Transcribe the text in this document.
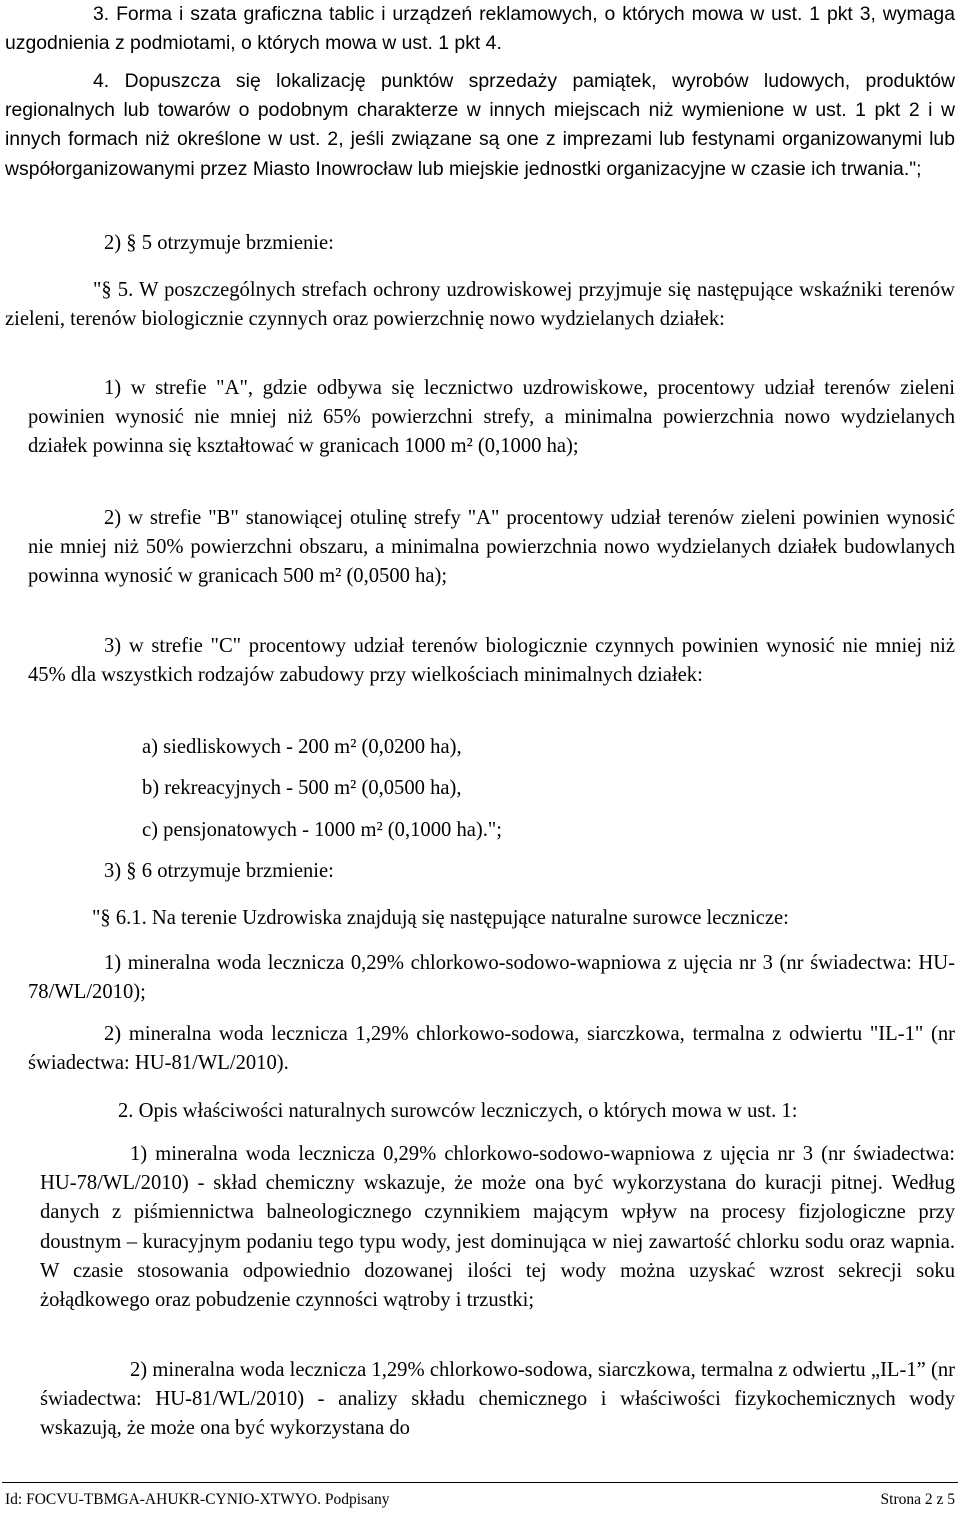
3. Forma i szata graficzna tablic i urządzeń reklamowych, o których mowa w ust. 1 pkt 3, wymaga uzgodnienia z podmiotami, o których mowa w ust. 1 pkt 4.

4. Dopuszcza się lokalizację punktów sprzedaży pamiątek, wyrobów ludowych, produktów regionalnych lub towarów o podobnym charakterze w innych miejscach niż wymienione w ust. 1 pkt 2 i w innych formach niż określone w ust. 2, jeśli związane są one z imprezami lub festynami organizowanymi lub współorganizowanymi przez Miasto Inowrocław lub miejskie jednostki organizacyjne w czasie ich trwania.";

2) § 5 otrzymuje brzmienie:

"§ 5. W poszczególnych strefach ochrony uzdrowiskowej przyjmuje się następujące wskaźniki terenów zieleni, terenów biologicznie czynnych oraz powierzchnię nowo wydzielanych działek:

1) w strefie "A", gdzie odbywa się lecznictwo uzdrowiskowe, procentowy udział terenów zieleni powinien wynosić nie mniej niż 65% powierzchni strefy, a minimalna powierzchnia nowo wydzielanych działek powinna się kształtować w granicach 1000 m² (0,1000 ha);

2) w strefie "B" stanowiącej otulinę strefy "A" procentowy udział terenów zieleni powinien wynosić nie mniej niż 50% powierzchni obszaru, a minimalna powierzchnia nowo wydzielanych działek budowlanych powinna wynosić w granicach 500 m² (0,0500 ha);

3) w strefie "C" procentowy udział terenów biologicznie czynnych powinien wynosić nie mniej niż 45% dla wszystkich rodzajów zabudowy przy wielkościach minimalnych działek:

a) siedliskowych - 200 m² (0,0200 ha),

b) rekreacyjnych - 500 m² (0,0500 ha),

c) pensjonatowych - 1000 m² (0,1000 ha).";

3) § 6 otrzymuje brzmienie:

"§ 6.1. Na terenie Uzdrowiska znajdują się następujące naturalne surowce lecznicze:

1) mineralna woda lecznicza 0,29% chlorkowo-sodowo-wapniowa z ujęcia nr 3 (nr świadectwa: HU-78/WL/2010);

2) mineralna woda lecznicza 1,29% chlorkowo-sodowa, siarczkowa, termalna z odwiertu "IL-1" (nr świadectwa: HU-81/WL/2010).

2. Opis właściwości naturalnych surowców leczniczych, o których mowa w ust. 1:

1) mineralna woda lecznicza 0,29% chlorkowo-sodowo-wapniowa z ujęcia nr 3 (nr świadectwa: HU-78/WL/2010) - skład chemiczny wskazuje, że może ona być wykorzystana do kuracji pitnej. Według danych z piśmiennictwa balneologicznego czynnikiem mającym wpływ na procesy fizjologiczne przy doustnym – kuracyjnym podaniu tego typu wody, jest dominująca w niej zawartość chlorku sodu oraz wapnia. W czasie stosowania odpowiednio dozowanej ilości tej wody można uzyskać wzrost sekrecji soku żołądkowego oraz pobudzenie czynności wątroby i trzustki;

2) mineralna woda lecznicza 1,29% chlorkowo-sodowa, siarczkowa, termalna z odwiertu „IL-1” (nr świadectwa: HU-81/WL/2010) - analizy składu chemicznego i właściwości fizykochemicznych wody wskazują, że może ona być wykorzystana do

Id: FOCVU-TBMGA-AHUKR-CYNIO-XTWYO. Podpisany	Strona 2 z 5
